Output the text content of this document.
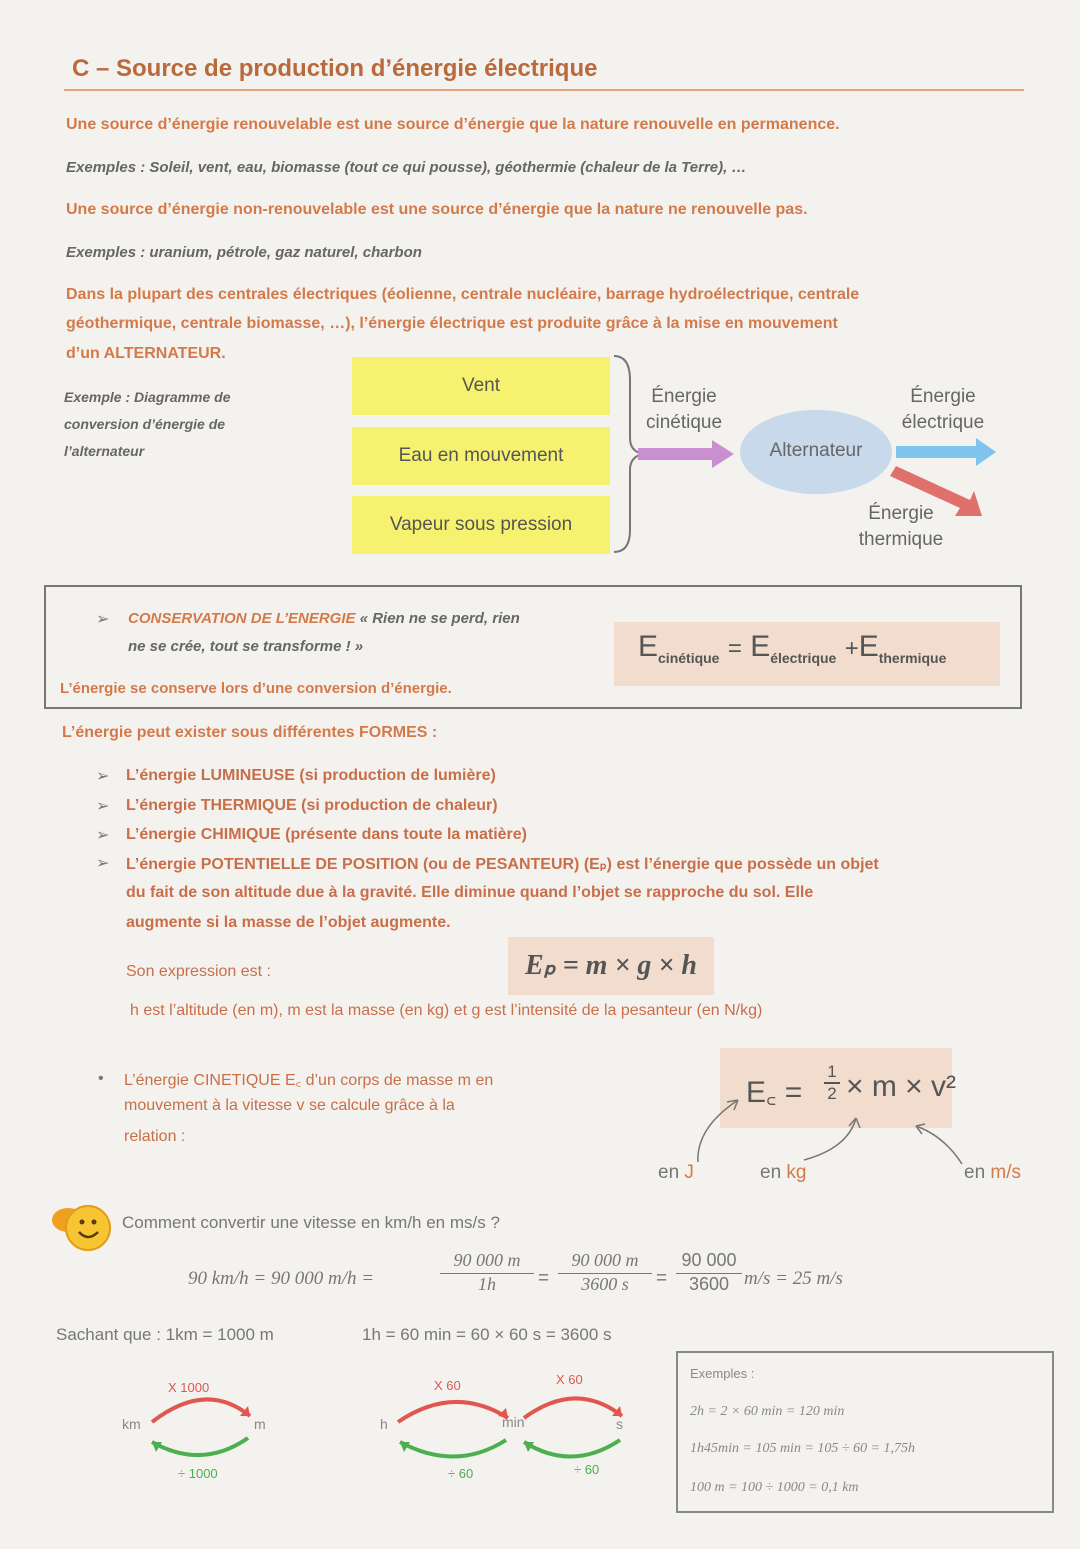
C – Source de production d’énergie électrique
Une source d’énergie renouvelable est une source d’énergie que la nature renouvelle en permanence.
Exemples : Soleil, vent, eau, biomasse (tout ce qui pousse), géothermie (chaleur de la Terre), …
Une source d’énergie non-renouvelable est une source d’énergie que la nature ne renouvelle pas.
Exemples : uranium, pétrole, gaz naturel, charbon
Dans la plupart des centrales électriques (éolienne, centrale nucléaire, barrage hydroélectrique, centrale
géothermique, centrale biomasse, …), l’énergie électrique est produite grâce à la mise en mouvement
d’un ALTERNATEUR.
Exemple : Diagramme de
conversion d’énergie de
l’alternateur
Vent
Eau en mouvement
Vapeur sous pression
Énergie
cinétique
Alternateur
Énergie
électrique
Énergie
thermique
➢ CONSERVATION DE L’ENERGIE « Rien ne se perd, rien
ne se crée, tout se transforme ! »
L’énergie se conserve lors d’une conversion d’énergie.
$E_{cinétique} = E_{électrique} +E_{thermique}$
L’énergie peut exister sous différentes FORMES :
➢ L’énergie LUMINEUSE (si production de lumière)
➢ L’énergie THERMIQUE (si production de chaleur)
➢ L’énergie CHIMIQUE (présente dans toute la matière)
➢ L’énergie POTENTIELLE DE POSITION (ou de PESANTEUR) (Eₚ) est l’énergie que possède un objet
du fait de son altitude due à la gravité. Elle diminue quand l’objet se rapproche du sol. Elle
augmente si la masse de l’objet augmente.
Son expression est :	Eₚ = m × g × h
h est l’altitude (en m), m est la masse (en kg) et g est l’intensité de la pesanteur (en N/kg)
• L’énergie CINETIQUE E꜀ d’un corps de masse m en
mouvement à la vitesse v se calcule grâce à la
relation :
E꜀ = $\frac{1}{2} \times m \times v^2$
en J	en kg	en m/s
Comment convertir une vitesse en km/h en ms/s ?
90 km/h = 90 000 m/h =	$\frac{90 000 m}{1h} = \frac{90 000 m}{3600 s} = \frac{90 000}{3600} m/s = 25$ m/s
Sachant que : 1km = 1000 m	1h = 60 min = 60 × 60 s = 3600 s
X 1000
km	m
÷ 1000
X 60
h	min
÷ 60
X 60
s
÷ 60
Exemples :
2h = 2 × 60 min = 120 min
1h45min = 105 min = 105 ÷ 60 = 1,75h
100 m = 100 ÷ 1000 = 0,1 km
